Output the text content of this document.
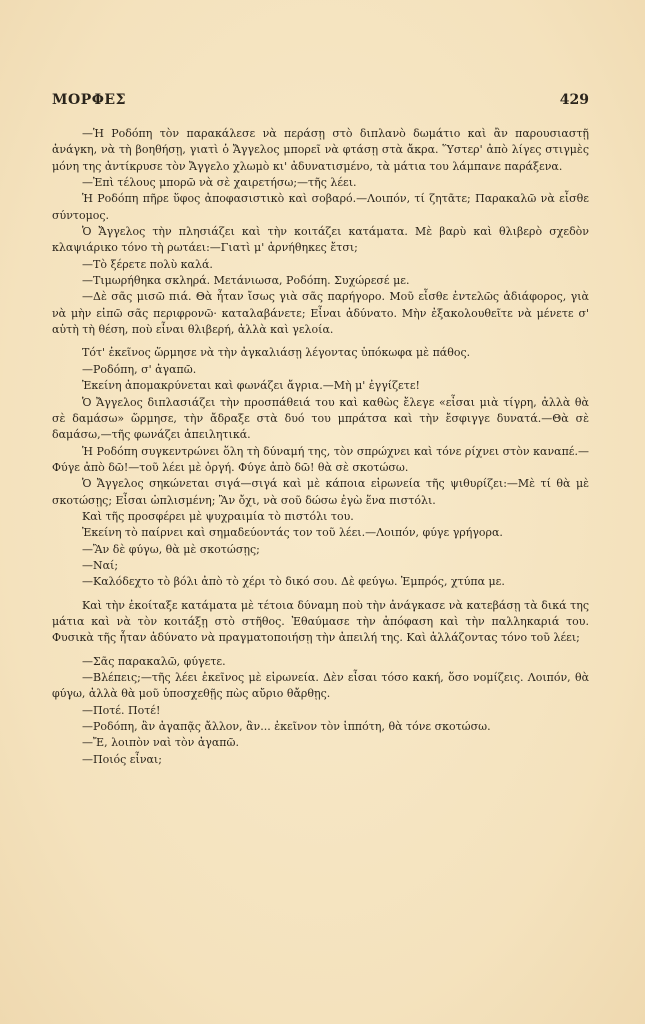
ΜΟΡΦΕΣ	429

—Ἡ Ροδόπη τὸν παρακάλεσε νὰ περάσῃ στὸ διπλανὸ δωμάτιο καὶ ἂν παρουσιαστῇ ἀνάγκη, νὰ τὴ βοηθήσῃ, γιατὶ ὁ Ἄγγελος μπορεῖ νὰ φτάσῃ στὰ ἄκρα. Ὕστερ' ἀπὸ λίγες στιγμὲς μόνη της ἀντίκρυσε τὸν Ἄγγελο χλωμὸ κι' ἀδυνατισμένο, τὰ μάτια του λάμπανε παράξενα.

—Ἐπὶ τέλους μπορῶ νὰ σὲ χαιρετήσω;—τῆς λέει.

Ἡ Ροδόπη πῆρε ὕφος ἀποφασιστικὸ καὶ σοβαρό.—Λοιπόν, τί ζητᾶτε; Παρακαλῶ νὰ εἶσθε σύντομος.

Ὁ Ἄγγελος τὴν πλησιάζει καὶ τὴν κοιτάζει κατάματα. Μὲ βαρὺ καὶ θλιβερὸ σχεδὸν κλαψιάρικο τόνο τὴ ρωτάει:—Γιατὶ μ' ἀρνήθηκες ἔτσι;

—Τὸ ξέρετε πολὺ καλά.

—Τιμωρήθηκα σκληρά. Μετάνιωσα, Ροδόπη. Συχώρεσέ με.

—Δὲ σᾶς μισῶ πιά. Θὰ ἦταν ἴσως γιὰ σᾶς παρήγορο. Μοῦ εἶσθε ἐντελῶς ἀδιάφορος, γιὰ νὰ μὴν εἰπῶ σᾶς περιφρονῶ· καταλαβάνετε; Εἶναι ἀδύνατο. Μὴν ἐξακολουθεῖτε νὰ μένετε σ' αὐτὴ τὴ θέση, ποὺ εἶναι θλιβερή, ἀλλὰ καὶ γελοία.

Τότ' ἐκεῖνος ὥρμησε νὰ τὴν ἀγκαλιάσῃ λέγοντας ὑπόκωφα μὲ πάθος.

—Ροδόπη, σ' ἀγαπῶ.

Ἐκείνη ἀπομακρύνεται καὶ φωνάζει ἄγρια.—Μὴ μ' ἐγγίζετε!

Ὁ Ἄγγελος διπλασιάζει τὴν προσπάθειά του καὶ καθὼς ἔλεγε «εἶσαι μιὰ τίγρη, ἀλλὰ θὰ σὲ δαμάσω» ὥρμησε, τὴν ἄδραξε στὰ δυό του μπράτσα καὶ τὴν ἔσφιγγε δυνατά.—Θὰ σὲ δαμάσω,—τῆς φωνάζει ἀπειλητικά.

Ἡ Ροδόπη συγκεντρώνει ὅλη τὴ δύναμή της, τὸν σπρώχνει καὶ τόνε ρίχνει στὸν καναπέ.—Φύγε ἀπὸ δῶ!—τοῦ λέει μὲ ὀργή. Φύγε ἀπὸ δῶ! θὰ σὲ σκοτώσω.

Ὁ Ἄγγελος σηκώνεται σιγά—σιγά καὶ μὲ κάποια εἰρωνεία τῆς ψιθυρίζει:—Μὲ τί θὰ μὲ σκοτώσῃς; Εἶσαι ὡπλισμένη; Ἂν ὄχι, νὰ σοῦ δώσω ἐγὼ ἕνα πιστόλι.

Καὶ τῆς προσφέρει μὲ ψυχραιμία τὸ πιστόλι του.

Ἐκείνη τὸ παίρνει καὶ σημαδεύοντάς τον τοῦ λέει.—Λοιπόν, φύγε γρήγορα.

—Ἂν δὲ φύγω, θὰ μὲ σκοτώσῃς;

—Ναί;

—Καλόδεχτο τὸ βόλι ἀπὸ τὸ χέρι τὸ δικό σου. Δὲ φεύγω. Ἐμπρός, χτύπα με.

Καὶ τὴν ἐκοίταξε κατάματα μὲ τέτοια δύναμη ποὺ τὴν ἀνάγκασε νὰ κατεβάσῃ τὰ δικά της μάτια καὶ νὰ τὸν κοιτάξῃ στὸ στῆθος. Ἐθαύμασε τὴν ἀπόφαση καὶ τὴν παλληκαριά του. Φυσικὰ τῆς ἦταν ἀδύνατο νὰ πραγματοποιήσῃ τὴν ἀπειλή της. Καὶ ἀλλάζοντας τόνο τοῦ λέει;

—Σᾶς παρακαλῶ, φύγετε.

—Βλέπεις;—τῆς λέει ἐκεῖνος μὲ εἰρωνεία. Δὲν εἶσαι τόσο κακή, ὅσο νομίζεις. Λοιπόν, θὰ φύγω, ἀλλὰ θὰ μοῦ ὑποσχεθῇς πὼς αὔριο θἄρθῃς.

—Ποτέ. Ποτέ!

—Ροδόπη, ἂν ἀγαπᾷς ἄλλον, ἂν... ἐκεῖνον τὸν ἱππότη, θὰ τόνε σκοτώσω.

—Ἔ, λοιπὸν ναὶ τὸν ἀγαπῶ.

—Ποιός εἶναι;
